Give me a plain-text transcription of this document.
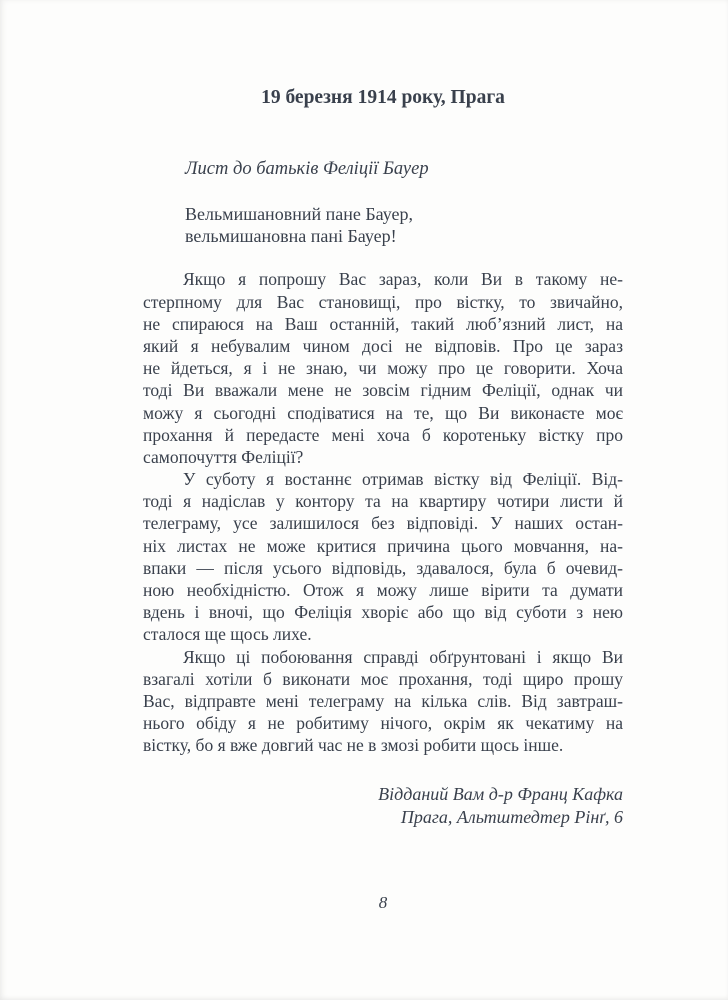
19 березня 1914 року, Прага
Лист до батьків Феліції Бауер
Вельмишановний пане Бауер,
вельмишановна пані Бауер!
Якщо я попрошу Вас зараз, коли Ви в такому не-
стерпному для Вас становищі, про вістку, то звичайно,
не спираюся на Ваш останній, такий люб’язний лист, на
який я небувалим чином досі не відповів. Про це зараз
не йдеться, я і не знаю, чи можу про це говорити. Хоча
тоді Ви вважали мене не зовсім гідним Феліції, однак чи
можу я сьогодні сподіватися на те, що Ви виконаєте моє
прохання й передасте мені хоча б коротеньку вістку про
самопочуття Феліції?
У суботу я востаннє отримав вістку від Феліції. Від-
тоді я надіслав у контору та на квартиру чотири листи й
телеграму, усе залишилося без відповіді. У наших остан-
ніх листах не може критися причина цього мовчання, на-
впаки — після усього відповідь, здавалося, була б очевид-
ною необхідністю. Отож я можу лише вірити та думати
вдень і вночі, що Феліція хворіє або що від суботи з нею
сталося ще щось лихе.
Якщо ці побоювання справді обґрунтовані і якщо Ви
взагалі хотіли б виконати моє прохання, тоді щиро прошу
Вас, відправте мені телеграму на кілька слів. Від завтраш-
нього обіду я не робитиму нічого, окрім як чекатиму на
вістку, бо я вже довгий час не в змозі робити щось інше.
Відданий Вам д-р Франц Кафка
Прага, Альтштедтер Рінґ, 6
8
